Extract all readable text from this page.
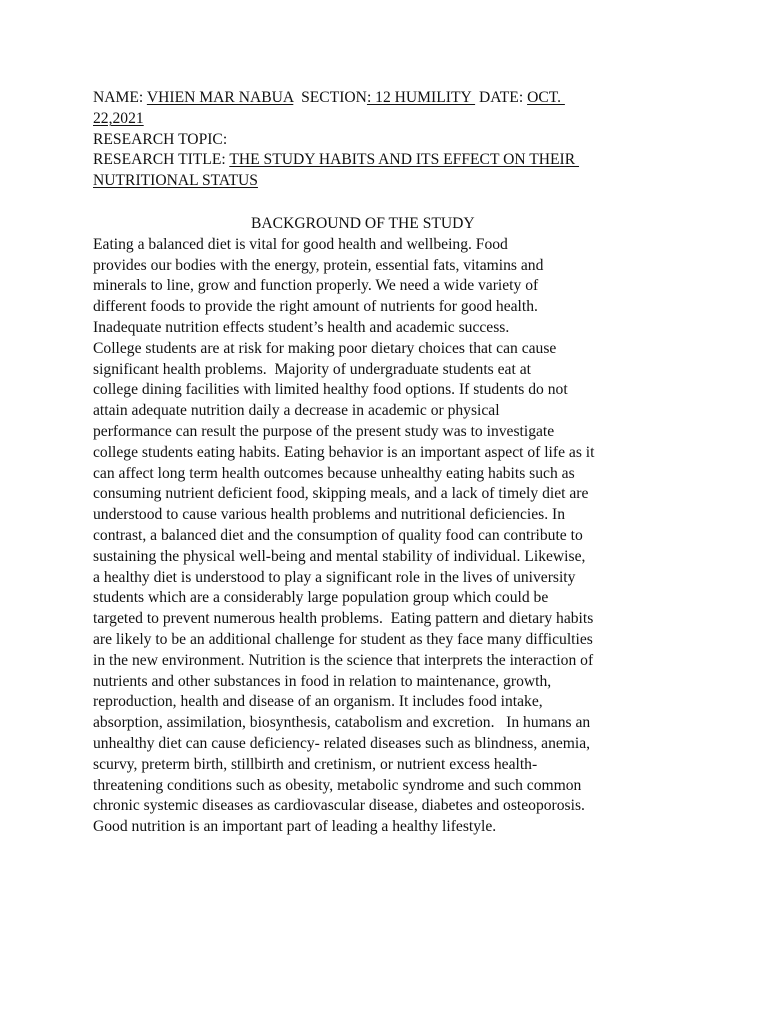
NAME: VHIEN MAR NABUA  SECTION: 12 HUMILITY  DATE: OCT.
22,2021
RESEARCH TOPIC:
RESEARCH TITLE: THE STUDY HABITS AND ITS EFFECT ON THEIR
NUTRITIONAL STATUS
BACKGROUND OF THE STUDY
Eating a balanced diet is vital for good health and wellbeing. Food
provides our bodies with the energy, protein, essential fats, vitamins and
minerals to line, grow and function properly. We need a wide variety of
different foods to provide the right amount of nutrients for good health.
Inadequate nutrition effects student’s health and academic success.
College students are at risk for making poor dietary choices that can cause
significant health problems.  Majority of undergraduate students eat at
college dining facilities with limited healthy food options. If students do not
attain adequate nutrition daily a decrease in academic or physical
performance can result the purpose of the present study was to investigate
college students eating habits. Eating behavior is an important aspect of life as it
can affect long term health outcomes because unhealthy eating habits such as
consuming nutrient deficient food, skipping meals, and a lack of timely diet are
understood to cause various health problems and nutritional deficiencies. In
contrast, a balanced diet and the consumption of quality food can contribute to
sustaining the physical well-being and mental stability of individual. Likewise,
a healthy diet is understood to play a significant role in the lives of university
students which are a considerably large population group which could be
targeted to prevent numerous health problems.  Eating pattern and dietary habits
are likely to be an additional challenge for student as they face many difficulties
in the new environment. Nutrition is the science that interprets the interaction of
nutrients and other substances in food in relation to maintenance, growth,
reproduction, health and disease of an organism. It includes food intake,
absorption, assimilation, biosynthesis, catabolism and excretion.   In humans an
unhealthy diet can cause deficiency- related diseases such as blindness, anemia,
scurvy, preterm birth, stillbirth and cretinism, or nutrient excess health-
threatening conditions such as obesity, metabolic syndrome and such common
chronic systemic diseases as cardiovascular disease, diabetes and osteoporosis.
Good nutrition is an important part of leading a healthy lifestyle.
